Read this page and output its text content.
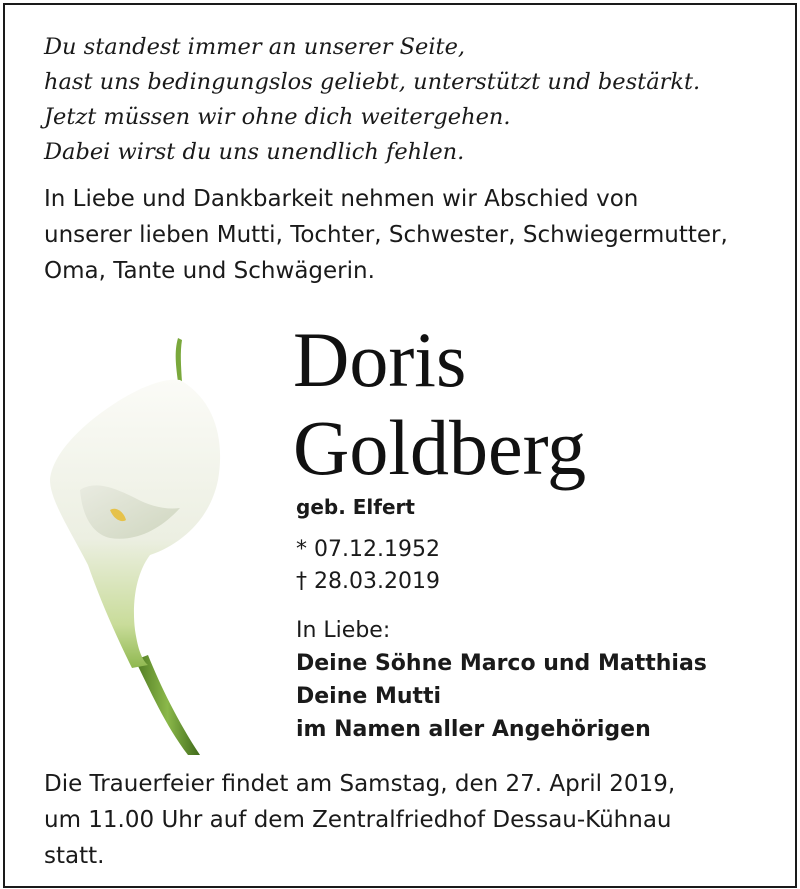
Du standest immer an unserer Seite,
hast uns bedingungslos geliebt, unterstützt und bestärkt.
Jetzt müssen wir ohne dich weitergehen.
Dabei wirst du uns unendlich fehlen.
In Liebe und Dankbarkeit nehmen wir Abschied von
unserer lieben Mutti, Tochter, Schwester, Schwiegermutter,
Oma, Tante und Schwägerin.
Doris
Goldberg
geb. Elfert
* 07.12.1952
† 28.03.2019
In Liebe:
Deine Söhne Marco und Matthias
Deine Mutti
im Namen aller Angehörigen
Die Trauerfeier findet am Samstag, den 27. April 2019,
um 11.00 Uhr auf dem Zentralfriedhof Dessau-Kühnau
statt.
